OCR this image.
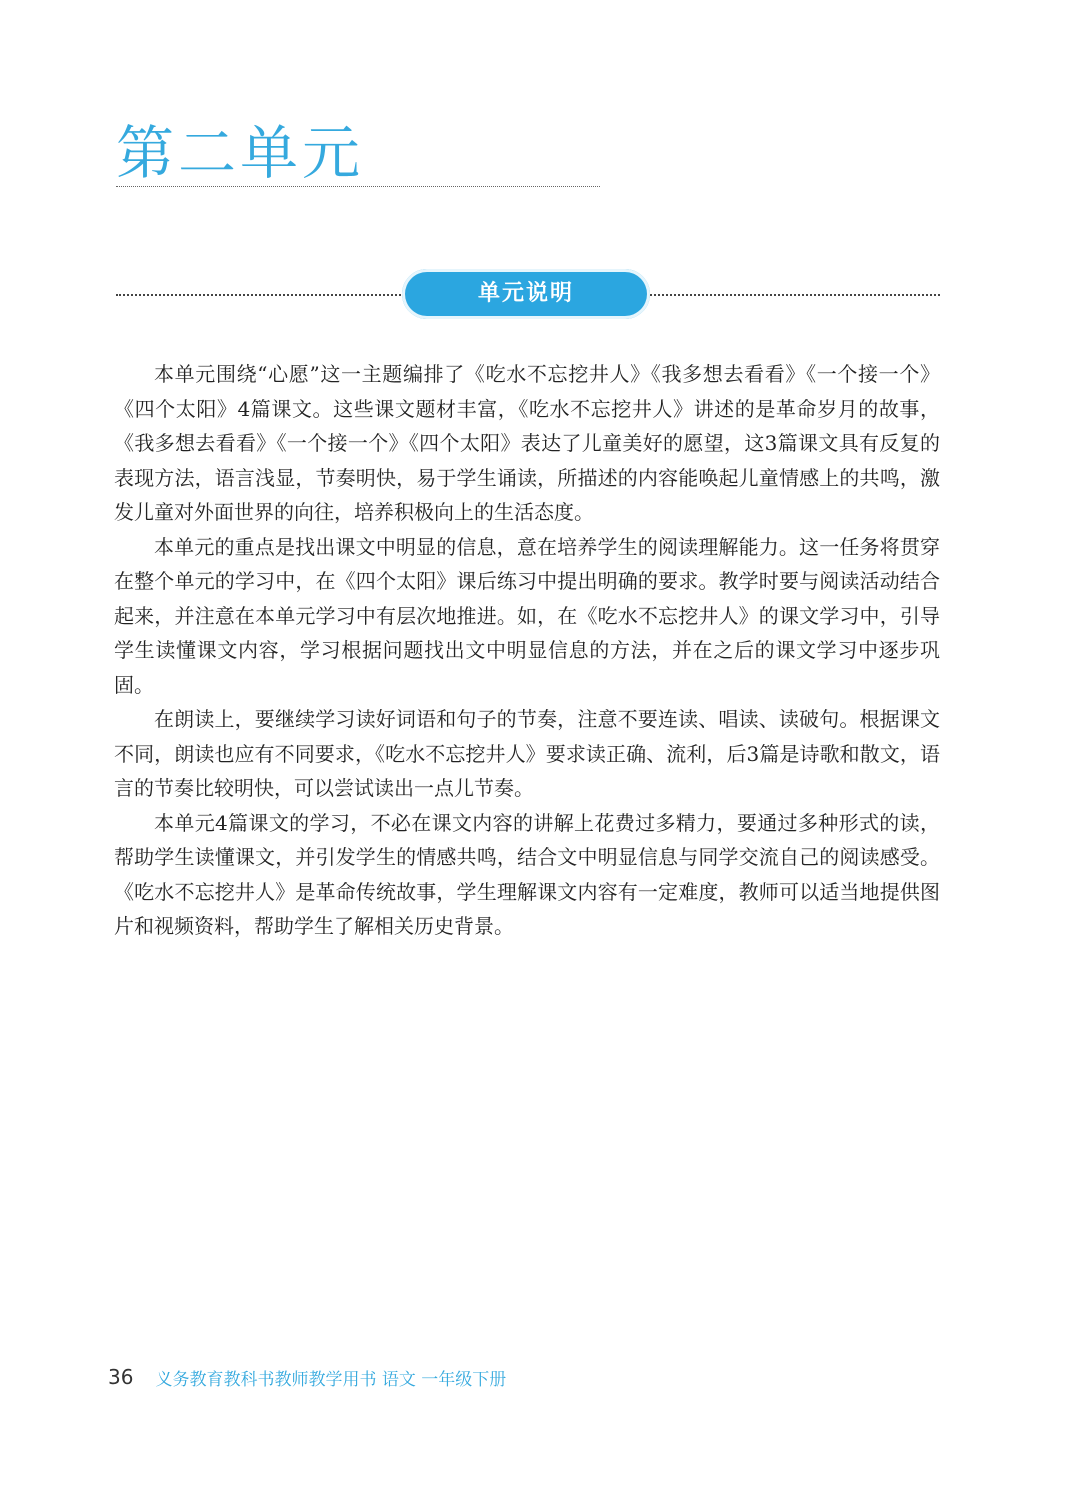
第二单元
单元说明

本单元围绕“心愿”这一主题编排了《吃水不忘挖井人》《我多想去看看》《一个接一个》《四个太阳》4篇课文。这些课文题材丰富，《吃水不忘挖井人》讲述的是革命岁月的故事，《我多想去看看》《一个接一个》《四个太阳》表达了儿童美好的愿望，这3篇课文具有反复的表现方法，语言浅显，节奏明快，易于学生诵读，所描述的内容能唤起儿童情感上的共鸣，激发儿童对外面世界的向往，培养积极向上的生活态度。

本单元的重点是找出课文中明显的信息，意在培养学生的阅读理解能力。这一任务将贯穿在整个单元的学习中，在《四个太阳》课后练习中提出明确的要求。教学时要与阅读活动结合起来，并注意在本单元学习中有层次地推进。如，在《吃水不忘挖井人》的课文学习中，引导学生读懂课文内容，学习根据问题找出文中明显信息的方法，并在之后的课文学习中逐步巩固。

在朗读上，要继续学习读好词语和句子的节奏，注意不要连读、唱读、读破句。根据课文不同，朗读也应有不同要求，《吃水不忘挖井人》要求读正确、流利，后3篇是诗歌和散文，语言的节奏比较明快，可以尝试读出一点儿节奏。

本单元4篇课文的学习，不必在课文内容的讲解上花费过多精力，要通过多种形式的读，帮助学生读懂课文，并引发学生的情感共鸣，结合文中明显信息与同学交流自己的阅读感受。《吃水不忘挖井人》是革命传统故事，学生理解课文内容有一定难度，教师可以适当地提供图片和视频资料，帮助学生了解相关历史背景。

36 义务教育教科书教师教学用书 语文 一年级下册
